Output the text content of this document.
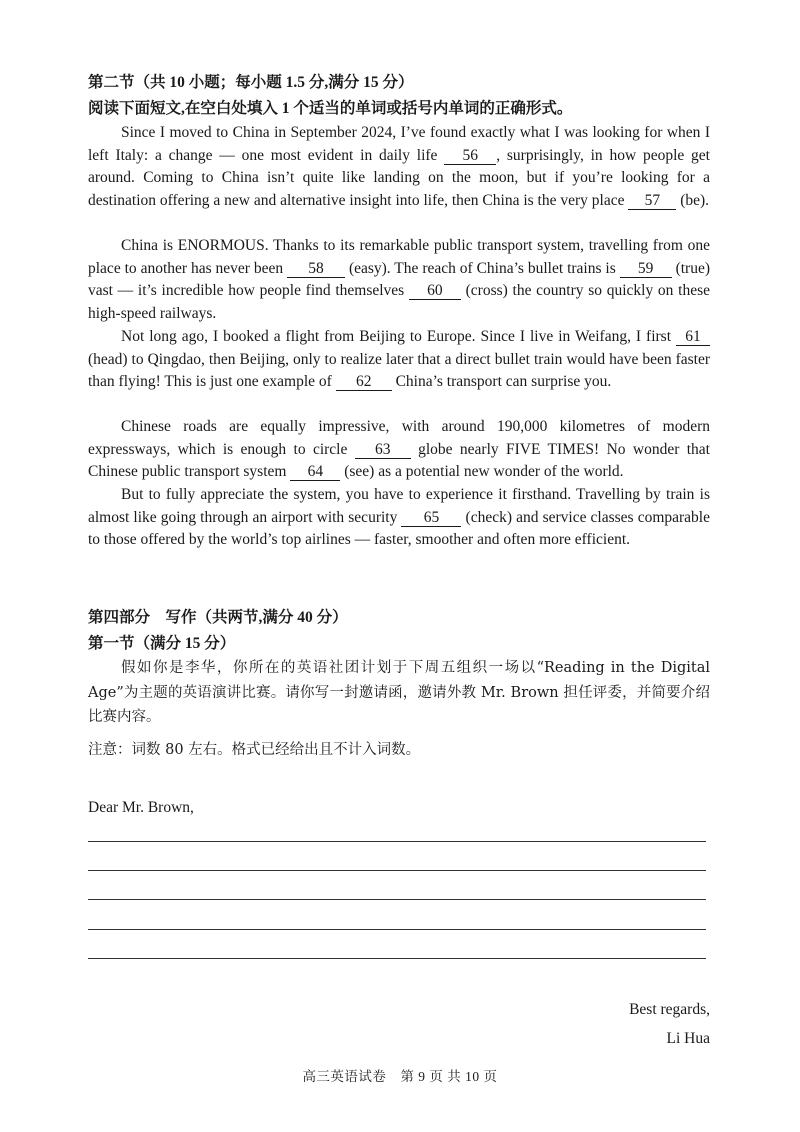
第二节（共 10 小题；每小题 1.5 分,满分 15 分）
阅读下面短文,在空白处填入 1 个适当的单词或括号内单词的正确形式。

Since I moved to China in September 2024, I’ve found exactly what I was looking for when I left Italy: a change — one most evident in daily life 56 , surprisingly, in how people get around. Coming to China isn’t quite like landing on the moon, but if you’re looking for a destination offering a new and alternative insight into life, then China is the very place 57 (be).

China is ENORMOUS. Thanks to its remarkable public transport system, travelling from one place to another has never been 58 (easy). The reach of China’s bullet trains is 59 (true) vast — it’s incredible how people find themselves 60 (cross) the country so quickly on these high-speed railways.

Not long ago, I booked a flight from Beijing to Europe. Since I live in Weifang, I first 61 (head) to Qingdao, then Beijing, only to realize later that a direct bullet train would have been faster than flying! This is just one example of 62 China’s transport can surprise you.

Chinese roads are equally impressive, with around 190,000 kilometres of modern expressways, which is enough to circle 63 globe nearly FIVE TIMES! No wonder that Chinese public transport system 64 (see) as a potential new wonder of the world.

But to fully appreciate the system, you have to experience it firsthand. Travelling by train is almost like going through an airport with security 65 (check) and service classes comparable to those offered by the world’s top airlines — faster, smoother and often more efficient.

第四部分　写作（共两节,满分 40 分）
第一节（满分 15 分）

假如你是李华，你所在的英语社团计划于下周五组织一场以“Reading in the Digital Age”为主题的英语演讲比赛。请你写一封邀请函，邀请外教 Mr. Brown 担任评委，并简要介绍比赛内容。

注意：词数 80 左右。格式已经给出且不计入词数。
Dear Mr. Brown,
Best regards,
Li Hua
高三英语试卷　第 9 页 共 10 页
